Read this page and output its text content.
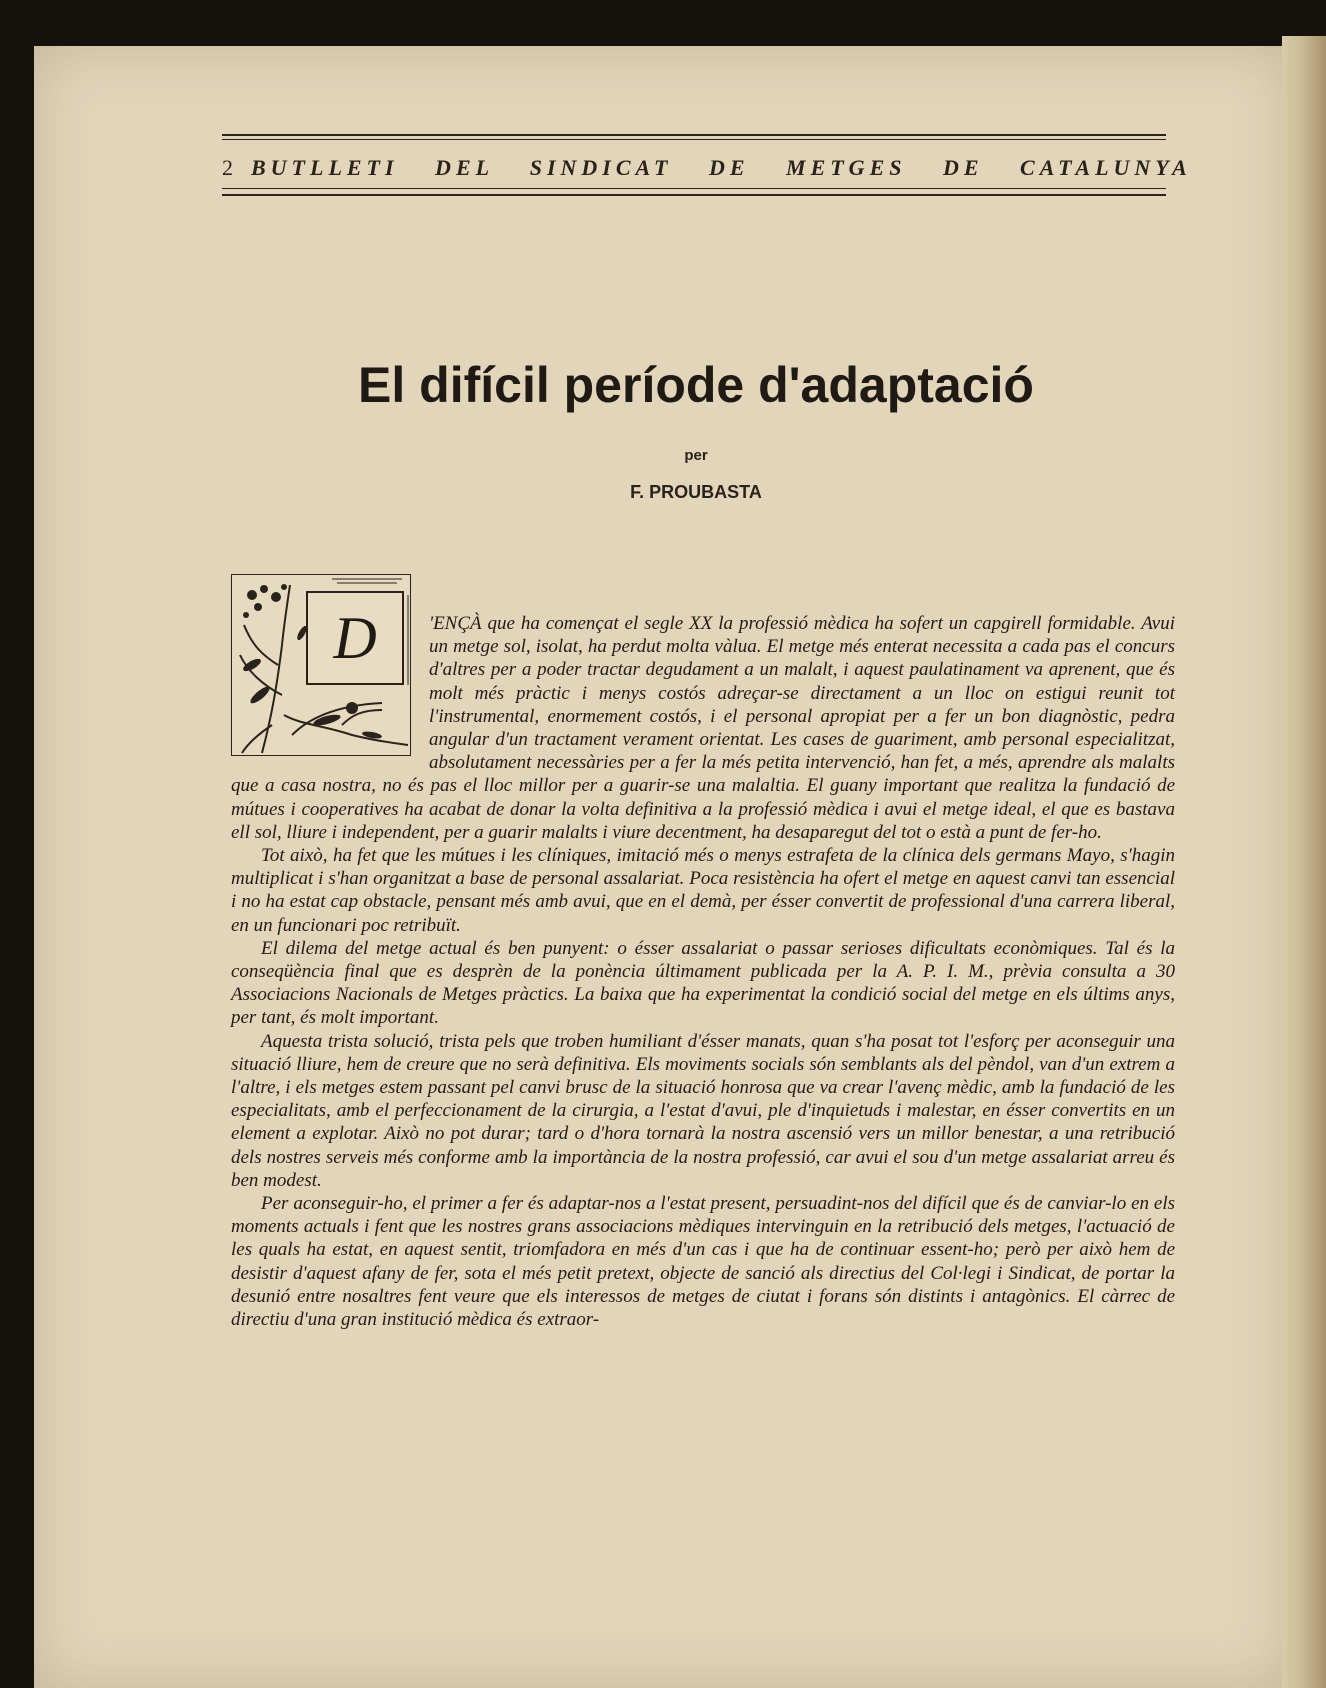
2 BUTLLETI DEL SINDICAT DE METGES DE CATALUNYA
El difícil període d'adaptació
per
F. PROUBASTA
D	'ENÇÀ que ha començat el segle XX la professió mèdica ha sofert un capgirell formidable. Avui un metge sol, isolat, ha perdut molta vàlua. El metge més enterat necessita a cada pas el concurs d'altres per a poder tractar degudament a un malalt, i aquest paulatinament va aprenent, que és molt més pràctic i menys costós adreçar-se directament a un lloc on estigui reunit tot l'instrumental, enormement costós, i el personal apropiat per a fer un bon diagnòstic, pedra angular d'un tractament verament orientat. Les cases de guariment, amb personal especialitzat, absolutament necessàries per a fer la més petita intervenció, han fet, a més, aprendre als malalts que a casa nostra, no és pas el lloc millor per a guarir-se una malaltia. El guany important que realitza la fundació de mútues i cooperatives ha acabat de donar la volta definitiva a la professió mèdica i avui el metge ideal, el que es bastava ell sol, lliure i independent, per a guarir malalts i viure decentment, ha desaparegut del tot o està a punt de fer-ho.

Tot això, ha fet que les mútues i les clíniques, imitació més o menys estrafeta de la clínica dels germans Mayo, s'hagin multiplicat i s'han organitzat a base de personal assalariat. Poca resistència ha ofert el metge en aquest canvi tan essencial i no ha estat cap obstacle, pensant més amb avui, que en el demà, per ésser convertit de professional d'una carrera liberal, en un funcionari poc retribuït.

El dilema del metge actual és ben punyent: o ésser assalariat o passar serioses dificultats econòmiques. Tal és la conseqüència final que es desprèn de la ponència últimament publicada per la A. P. I. M., prèvia consulta a 30 Associacions Nacionals de Metges pràctics. La baixa que ha experimentat la condició social del metge en els últims anys, per tant, és molt important.

Aquesta trista solució, trista pels que troben humiliant d'ésser manats, quan s'ha posat tot l'esforç per aconseguir una situació lliure, hem de creure que no serà definitiva. Els moviments socials són semblants als del pèndol, van d'un extrem a l'altre, i els metges estem passant pel canvi brusc de la situació honrosa que va crear l'avenç mèdic, amb la fundació de les especialitats, amb el perfeccionament de la cirurgia, a l'estat d'avui, ple d'inquietuds i malestar, en ésser convertits en un element a explotar. Això no pot durar; tard o d'hora tornarà la nostra ascensió vers un millor benestar, a una retribució dels nostres serveis més conforme amb la importància de la nostra professió, car avui el sou d'un metge assalariat arreu és ben modest.

Per aconseguir-ho, el primer a fer és adaptar-nos a l'estat present, persuadint-nos del difícil que és de canviar-lo en els moments actuals i fent que les nostres grans associacions mèdiques intervinguin en la retribució dels metges, l'actuació de les quals ha estat, en aquest sentit, triomfadora en més d'un cas i que ha de continuar essent-ho; però per això hem de desistir d'aquest afany de fer, sota el més petit pretext, objecte de sanció als directius del Col·legi i Sindicat, de portar la desunió entre nosaltres fent veure que els interessos de metges de ciutat i forans són distints i antagònics. El càrrec de directiu d'una gran institució mèdica és extraor-
